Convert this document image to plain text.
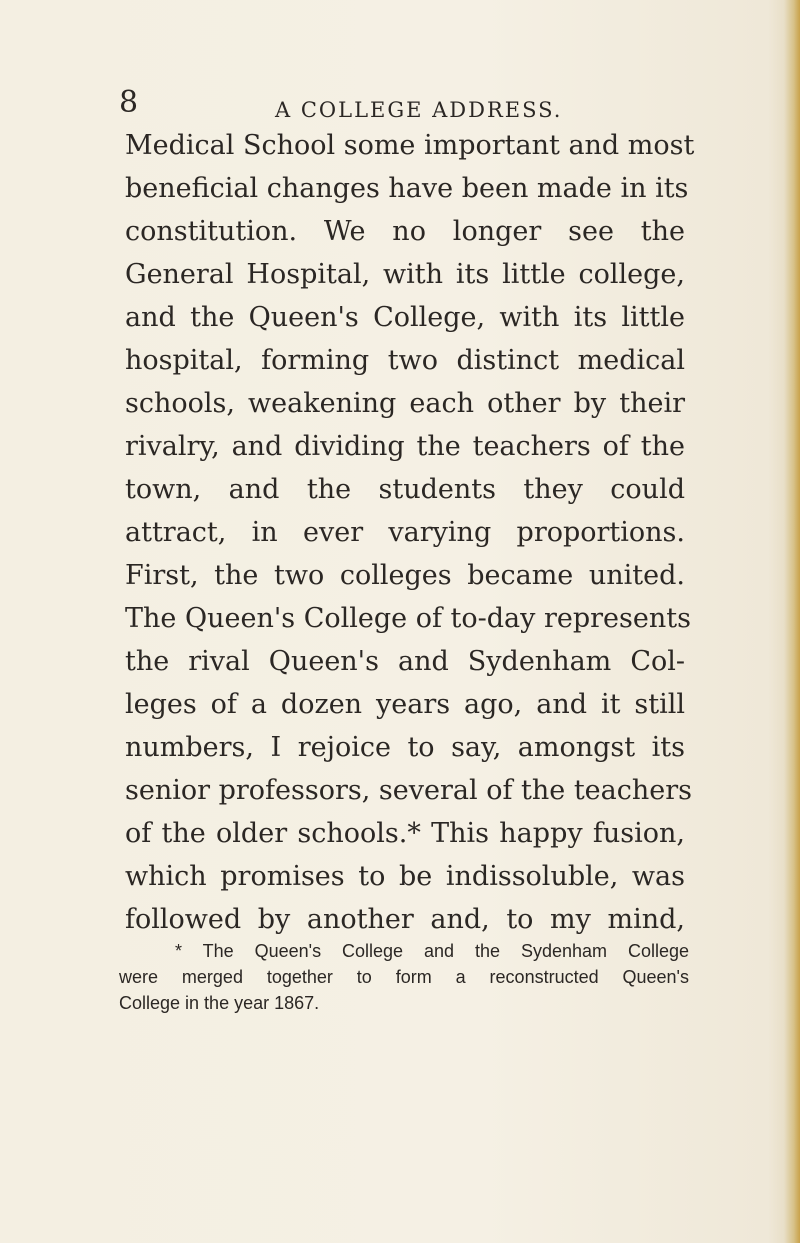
8	A COLLEGE ADDRESS.
Medical School some important and most
beneficial changes have been made in its
constitution. We no longer see the
General Hospital, with its little college,
and the Queen's College, with its little
hospital, forming two distinct medical
schools, weakening each other by their
rivalry, and dividing the teachers of the
town, and the students they could
attract, in ever varying proportions.
First, the two colleges became united.
The Queen's College of to-day represents
the rival Queen's and Sydenham Col-
leges of a dozen years ago, and it still
numbers, I rejoice to say, amongst its
senior professors, several of the teachers
of the older schools.* This happy fusion,
which promises to be indissoluble, was
followed by another and, to my mind,
* The Queen's College and the Sydenham College
were merged together to form a reconstructed Queen's
College in the year 1867.
